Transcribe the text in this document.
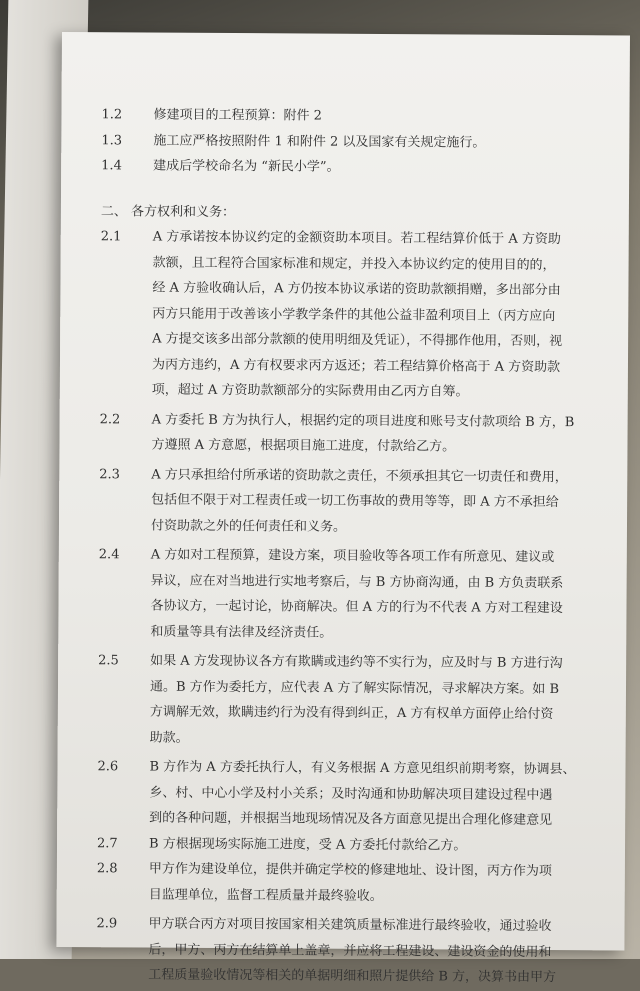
1.2	修建项目的工程预算：附件 2
1.3	施工应严格按照附件 1 和附件 2 以及国家有关规定施行。
1.4	建成后学校命名为 “新民小学”。

二、 各方权利和义务：

2.1	A 方承诺按本协议约定的金额资助本项目。若工程结算价低于 A 方资助

款额，且工程符合国家标准和规定，并投入本协议约定的使用目的的，

经 A 方验收确认后，A 方仍按本协议承诺的资助款额捐赠，多出部分由

丙方只能用于改善该小学教学条件的其他公益非盈利项目上（丙方应向

A 方提交该多出部分款额的使用明细及凭证），不得挪作他用，否则，视

为丙方违约，A 方有权要求丙方返还；若工程结算价格高于 A 方资助款

项，超过 A 方资助款额部分的实际费用由乙丙方自筹。

2.2	A 方委托 B 方为执行人，根据约定的项目进度和账号支付款项给 B 方，B

方遵照 A 方意愿，根据项目施工进度，付款给乙方。

2.3	A 方只承担给付所承诺的资助款之责任，不须承担其它一切责任和费用，

包括但不限于对工程责任或一切工伤事故的费用等等，即 A 方不承担给

付资助款之外的任何责任和义务。

2.4	A 方如对工程预算，建设方案，项目验收等各项工作有所意见、建议或

异议，应在对当地进行实地考察后，与 B 方协商沟通，由 B 方负责联系

各协议方，一起讨论，协商解决。但 A 方的行为不代表 A 方对工程建设

和质量等具有法律及经济责任。

2.5	如果 A 方发现协议各方有欺瞒或违约等不实行为，应及时与 B 方进行沟

通。B 方作为委托方，应代表 A 方了解实际情况，寻求解决方案。如 B

方调解无效，欺瞒违约行为没有得到纠正，A 方有权单方面停止给付资

助款。

2.6	B 方作为 A 方委托执行人，有义务根据 A 方意见组织前期考察，协调县、

乡、村、中心小学及村小关系；及时沟通和协助解决项目建设过程中遇

到的各种问题，并根据当地现场情况及各方面意见提出合理化修建意见

2.7	B 方根据现场实际施工进度，受 A 方委托付款给乙方。

2.8	甲方作为建设单位，提供并确定学校的修建地址、设计图，丙方作为项

目监理单位，监督工程质量并最终验收。

2.9	甲方联合丙方对项目按国家相关建筑质量标准进行最终验收，通过验收

后，甲方、丙方在结算单上盖章，并应将工程建设、建设资金的使用和

工程质量验收情况等相关的单据明细和照片提供给 B 方，决算书由甲方
